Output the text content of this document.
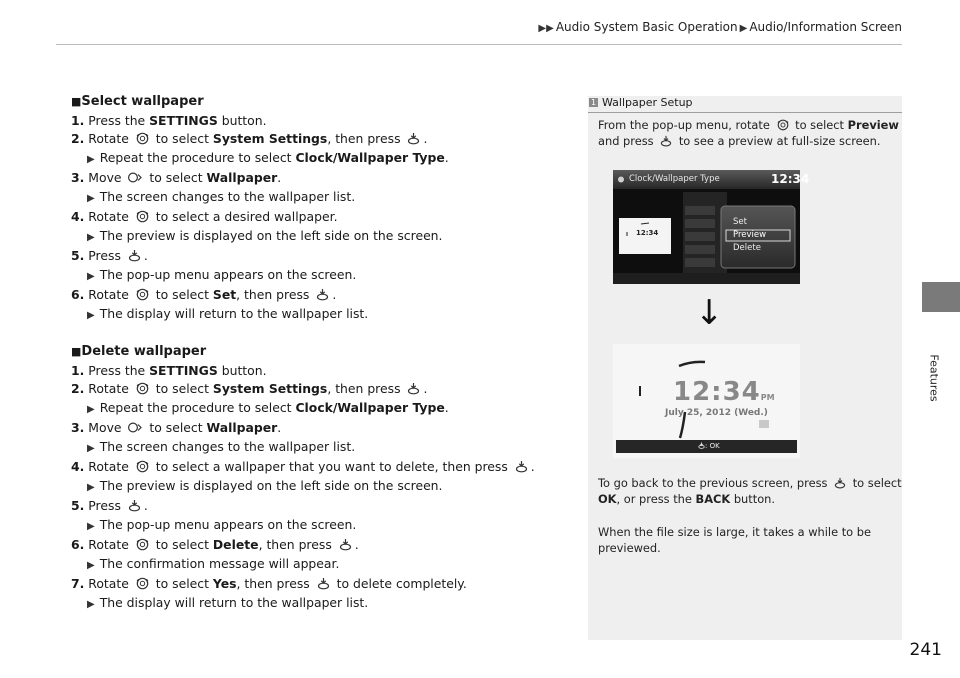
▶▶ Audio System Basic Operation ▶ Audio/Information Screen
Features
■Select wallpaper
1. Press the SETTINGS button.
2. Rotate  to select System Settings, then press .
▶ Repeat the procedure to select Clock/Wallpaper Type.
3. Move  to select Wallpaper.
▶ The screen changes to the wallpaper list.
4. Rotate  to select a desired wallpaper.
▶ The preview is displayed on the left side on the screen.
5. Press .
▶ The pop-up menu appears on the screen.
6. Rotate  to select Set, then press .
▶ The display will return to the wallpaper list.
■Delete wallpaper
1. Press the SETTINGS button.
2. Rotate  to select System Settings, then press .
▶ Repeat the procedure to select Clock/Wallpaper Type.
3. Move  to select Wallpaper.
▶ The screen changes to the wallpaper list.
4. Rotate  to select a wallpaper that you want to delete, then press .
▶ The preview is displayed on the left side on the screen.
5. Press .
▶ The pop-up menu appears on the screen.
6. Rotate  to select Delete, then press .
▶ The confirmation message will appear.
7. Rotate  to select Yes, then press  to delete completely.
▶ The display will return to the wallpaper list.
1 Wallpaper Setup
From the pop-up menu, rotate  to select Preview
and press  to see a preview at full-size screen.
To go back to the previous screen, press  to select
OK, or press the BACK button.
When the file size is large, it takes a while to be
previewed.
Clock/Wallpaper Type	12:34
12:34
Set
Preview
Delete
↓
12:34PM
July 25, 2012 (Wed.)
: OK
241
